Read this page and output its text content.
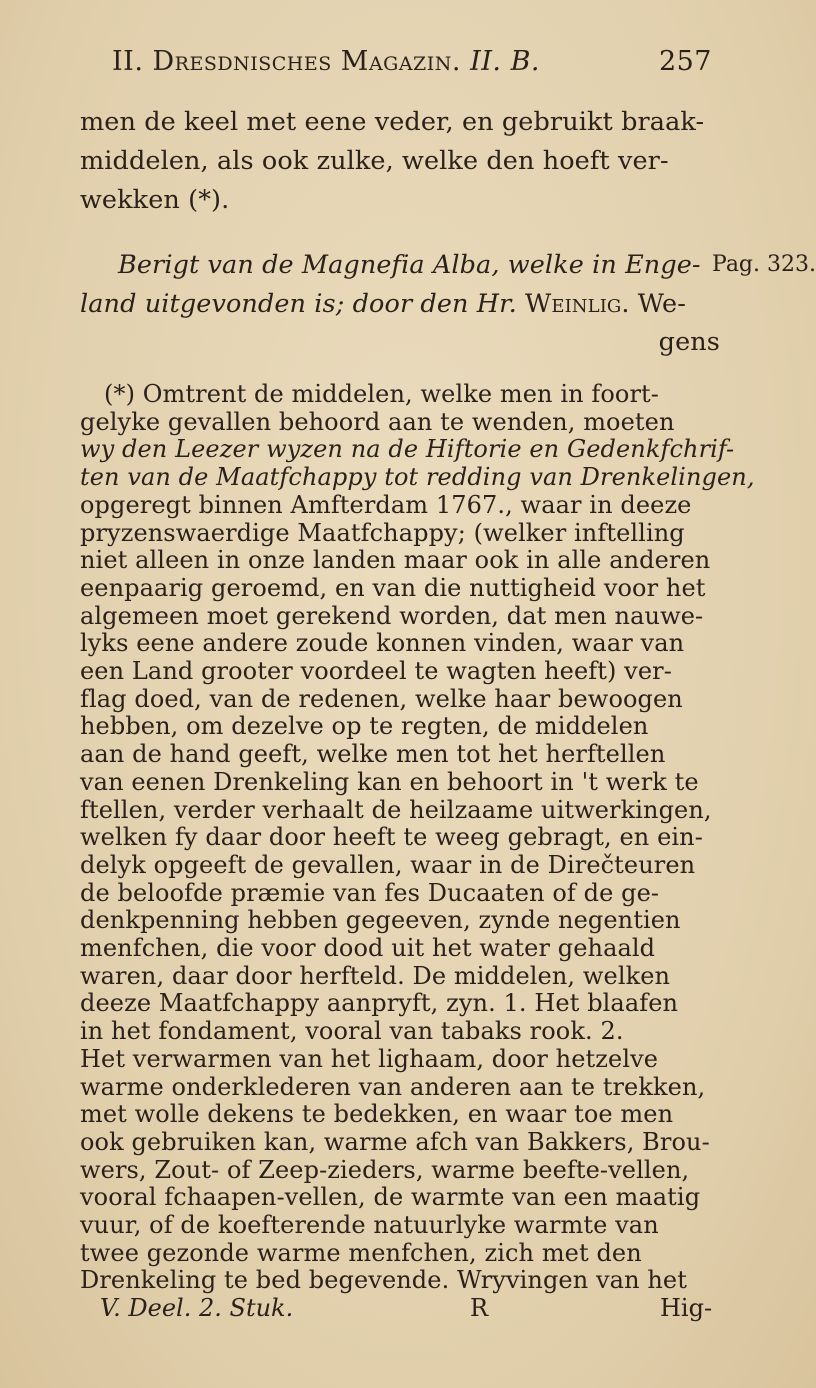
II. Dresdnisches Magazin. II. B.	257
men de keel met eene veder, en gebruikt braak-
middelen, als ook zulke, welke den hoeft ver-
wekken (*).
Berigt van de Magnefia Alba, welke in Enge- Pag. 323.
land uitgevonden is; door den Hr. Weinlig. We-
gens
(*) Omtrent de middelen, welke men in foort-
gelyke gevallen behoord aan te wenden, moeten
wy den Leezer wyzen na de Hiftorie en Gedenkfchrif-
ten van de Maatfchappy tot redding van Drenkelingen,
opgeregt binnen Amfterdam 1767., waar in deeze
pryzenswaerdige Maatfchappy; (welker inftelling
niet alleen in onze landen maar ook in alle anderen
eenpaarig geroemd, en van die nuttigheid voor het
algemeen moet gerekend worden, dat men nauwe-
lyks eene andere zoude konnen vinden, waar van
een Land grooter voordeel te wagten heeft) ver-
flag doed, van de redenen, welke haar bewoogen
hebben, om dezelve op te regten, de middelen
aan de hand geeft, welke men tot het herftellen
van eenen Drenkeling kan en behoort in 't werk te
ftellen, verder verhaalt de heilzaame uitwerkingen,
welken fy daar door heeft te weeg gebragt, en ein-
delyk opgeeft de gevallen, waar in de Direčteuren
de beloofde præmie van fes Ducaaten of de ge-
denkpenning hebben gegeeven, zynde negentien
menfchen, die voor dood uit het water gehaald
waren, daar door herfteld. De middelen, welken
deeze Maatfchappy aanpryft, zyn. 1. Het blaafen
in het fondament, vooral van tabaks rook. 2.
Het verwarmen van het lighaam, door hetzelve
warme onderklederen van anderen aan te trekken,
met wolle dekens te bedekken, en waar toe men
ook gebruiken kan, warme afch van Bakkers, Brou-
wers, Zout- of Zeep-zieders, warme beefte-vellen,
vooral fchaapen-vellen, de warmte van een maatig
vuur, of de koefterende natuurlyke warmte van
twee gezonde warme menfchen, zich met den
Drenkeling te bed begevende. Wryvingen van het
V. Deel. 2. Stuk.	R	Hig-
